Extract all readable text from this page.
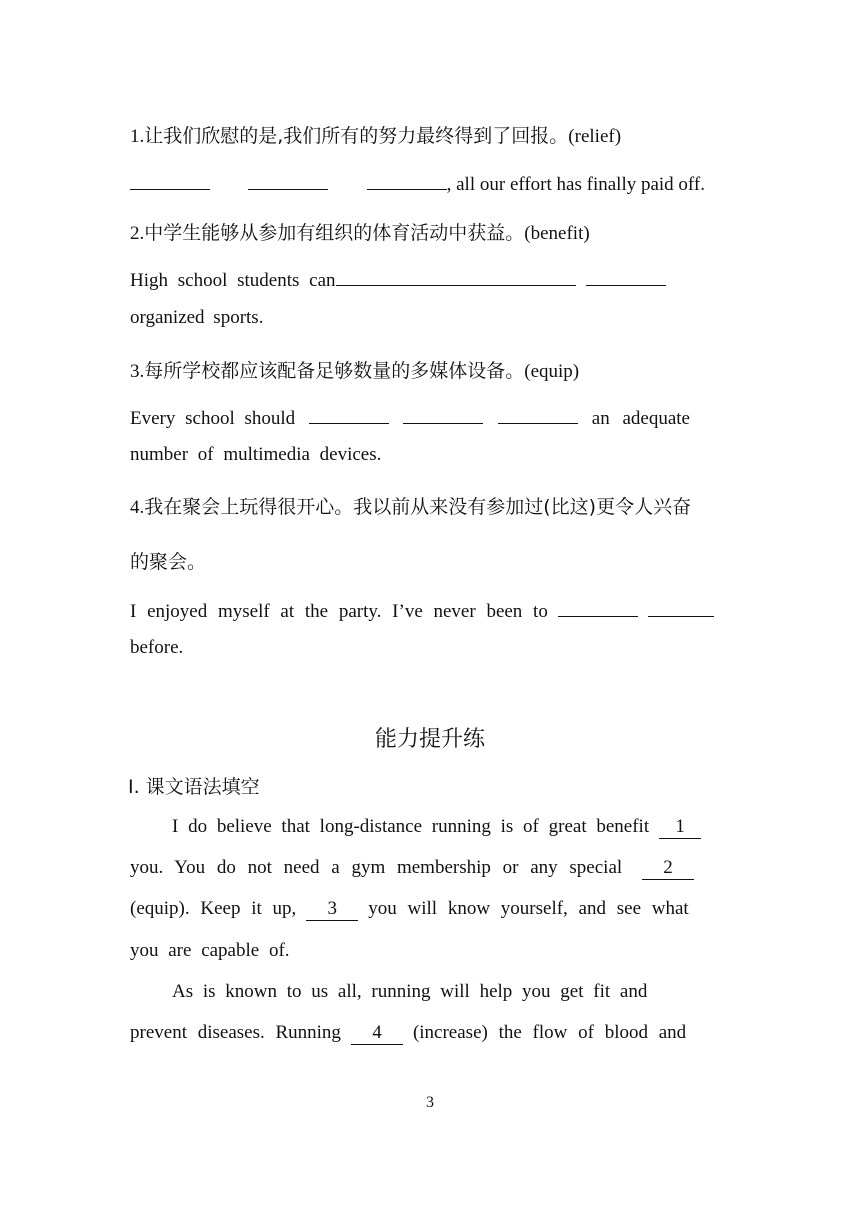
1.让我们欣慰的是,我们所有的努力最终得到了回报。(relief)
, all our effort has finally paid off.
2.中学生能够从参加有组织的体育活动中获益。(benefit)
High school students can
organized sports.
3.每所学校都应该配备足够数量的多媒体设备。(equip)
Every school should	an adequate
number of multimedia devices.
4.我在聚会上玩得很开心。我以前从来没有参加过(比这)更令人兴奋
的聚会。
I enjoyed myself at the party. I’ve never been to
before.
能力提升练
Ⅰ. 课文语法填空
I do believe that long-distance running is of great benefit 1
you. You do not need a gym membership or any special	2
(equip). Keep it up, 3 you will know yourself, and see what
you are capable of.
As is known to us all, running will help you get fit and
prevent diseases. Running 4 (increase) the flow of blood and
3
